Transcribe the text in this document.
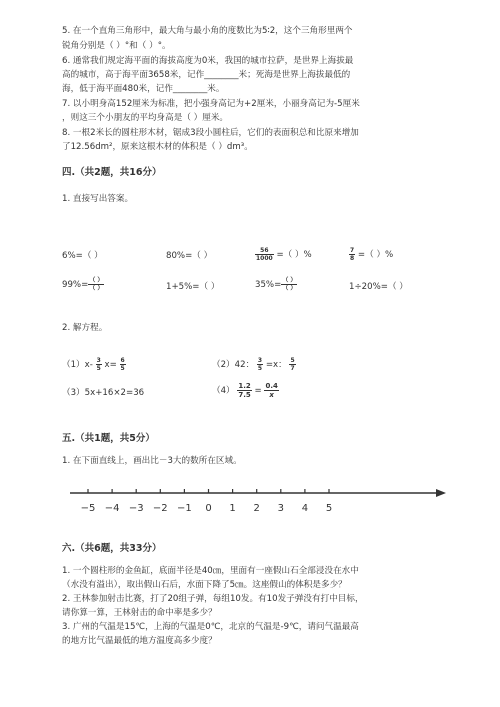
5. 在一个直角三角形中，最大角与最小角的度数比为5∶2，这个三角形里两个
锐角分别是（ ）°和（ ）°。
6. 通常我们规定海平面的海拔高度为0米，我国的城市拉萨，是世界上海拔最
高的城市，高于海平面3658米，记作________米；死海是世界上海拔最低的
海，低于海平面480米，记作________米。
7. 以小明身高152厘米为标准，把小强身高记为+2厘米，小丽身高记为-5厘米
，则这三个小朋友的平均身高是（ ）厘米。
8. 一根2米长的圆柱形木材，锯成3段小圆柱后，它们的表面积总和比原来增加
了12.56dm²，原来这根木材的体积是（ ）dm³。
四.（共2题，共16分）
1. 直接写出答案。
6%=（ ）	80%=（ ）	$\frac{56}{1000}$ =（ ）%	$\frac{7}{8}$ =（ ）%
$99\%= \frac{( )}{( )}$	1+5%=（ ）	$35\%= \frac{( )}{( )}$	1÷20%=（ ）
2. 解方程。
$(1)x- \frac{3}{5} x= \frac{6}{5}$	（2）42： $\frac{3}{5} =x$： $\frac{5}{7}$
（3）5x+16×2=36	$(4) \frac{1.2}{7.5} = \frac{0.4}{x}$
五.（共1题，共5分）
1. 在下面直线上，画出比－3大的数所在区域。
−5 −4 −3 −2 −1 0 1 2 3 4 5
六.（共6题，共33分）
1. 一个圆柱形的金鱼缸，底面半径是40㎝，里面有一座假山石全部浸没在水中
（水没有溢出），取出假山石后，水面下降了5㎝。这座假山的体积是多少？
2. 王林参加射击比赛，打了20组子弹，每组10发。有10发子弹没有打中目标，
请你算一算，王林射击的命中率是多少？
3. 广州的气温是15℃，上海的气温是0℃，北京的气温是-9℃，请问气温最高
的地方比气温最低的地方温度高多少度？
